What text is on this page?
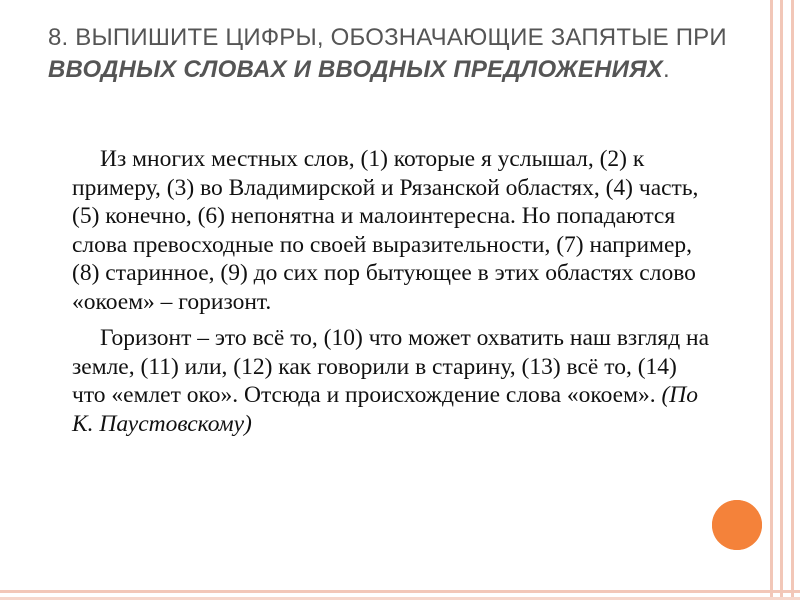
8. ВЫПИШИТЕ ЦИФРЫ, ОБОЗНАЧАЮЩИЕ ЗАПЯТЫЕ ПРИ ВВОДНЫХ СЛОВАХ И ВВОДНЫХ ПРЕДЛОЖЕНИЯХ.

Из многих местных слов, (1) которые я услышал, (2) к примеру, (3) во Владимирской и Рязанской областях, (4) часть, (5) конечно, (6) непонятна и малоинтересна. Но попадаются слова превосходные по своей выразительности, (7) например, (8) старинное, (9) до сих пор бытующее в этих областях слово «окоем» – горизонт.

Горизонт – это всё то, (10) что может охватить наш взгляд на земле, (11) или, (12) как говорили в старину, (13) всё то, (14) что «емлет око». Отсюда и происхождение слова «окоем». (По К. Паустовскому)
